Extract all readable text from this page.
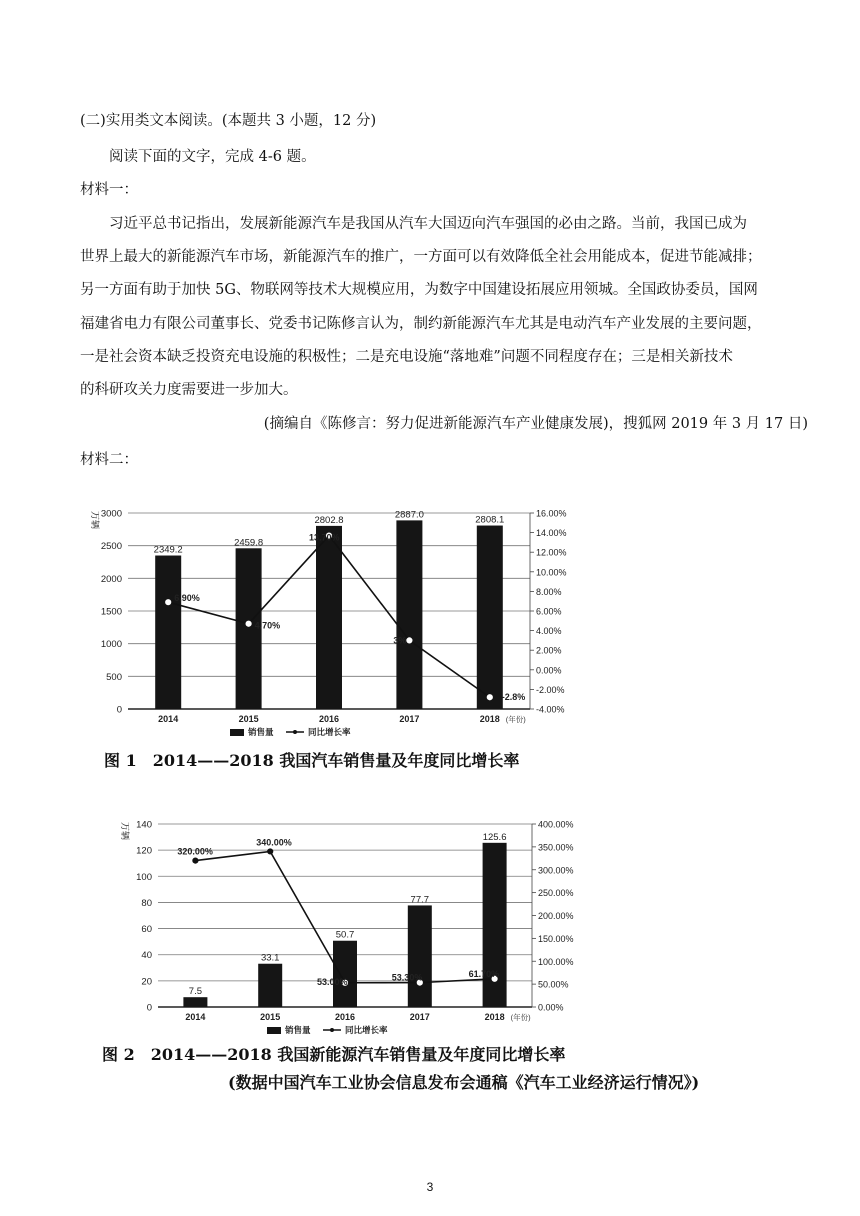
(二)实用类文本阅读。(本题共 3 小题，12 分)
阅读下面的文字，完成 4-6 题。
材料一：
习近平总书记指出，发展新能源汽车是我国从汽车大国迈向汽车强国的必由之路。当前，我国已成为
世界上最大的新能源汽车市场，新能源汽车的推广，一方面可以有效降低全社会用能成本，促进节能减排；
另一方面有助于加快 5G、物联网等技术大规模应用，为数字中国建设拓展应用领城。全国政协委员，国网
福建省电力有限公司董事长、党委书记陈修言认为，制约新能源汽车尤其是电动汽车产业发展的主要问题，
一是社会资本缺乏投资充电设施的积极性；二是充电设施“落地难”问题不同程度存在；三是相关新技术
的科研攻关力度需要进一步加大。
(摘编自《陈修言：努力促进新能源汽车产业健康发展)，搜狐网 2019 年 3 月 17 日)
材料二：
0
500
1000
1500
2000
2500
3000
-4.00%
-2.00%
0.00%
2.00%
4.00%
6.00%
8.00%
10.00%
12.00%
14.00%
16.00%
万辆
2349.2
2459.8
2802.8
2887.0	2808.1
2014	2015	2016	2017	2018 (年份)
6.90%
4.70%
13.70%
3%
-2.8%
销售量	同比增长率
图 1　2014——2018 我国汽车销售量及年度同比增长率
0
20
40
60
80
100
120
140
0.00%
50.00%
100.00%
150.00%
200.00%
250.00%
300.00%
350.00%
400.00%
万辆
7.5
33.1
50.7
77.7
125.6
2014	2015	2016	2017	2018 (年份)
320.00%
340.00%
53.00%	53.30%	61.70%
销售量	同比增长率
图 2　2014——2018 我国新能源汽车销售量及年度同比增长率
(数据中国汽车工业协会信息发布会通稿《汽车工业经济运行情况》)
3
